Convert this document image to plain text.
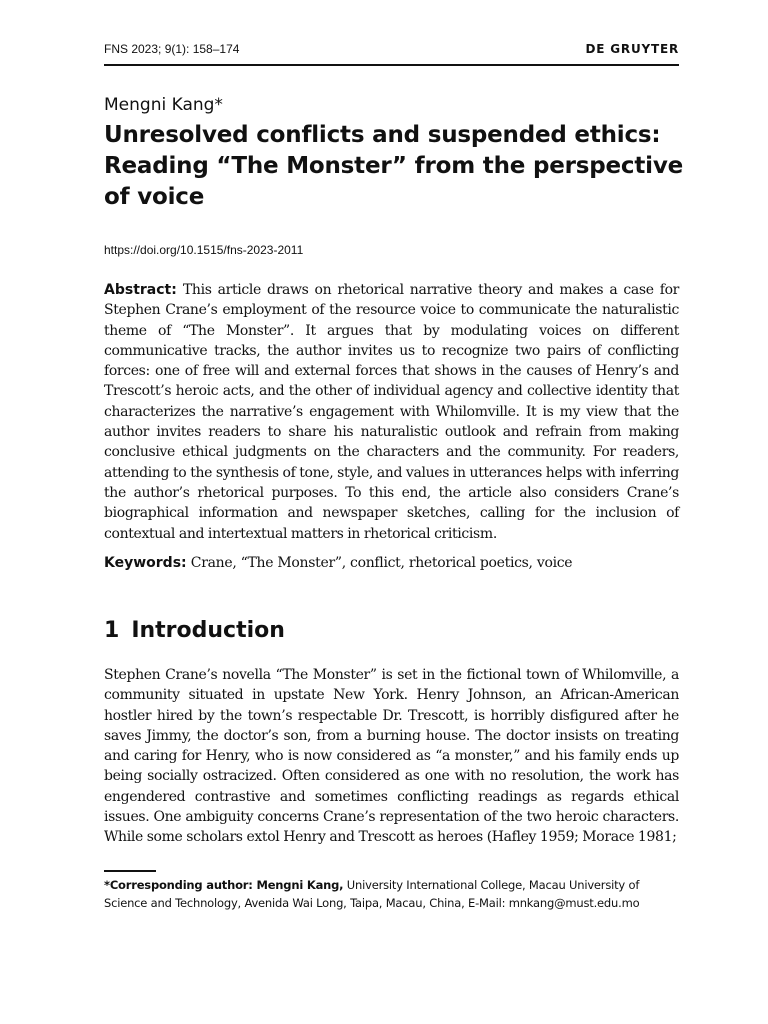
FNS 2023; 9(1): 158–174	DE GRUYTER
Mengni Kang*
Unresolved conflicts and suspended ethics: Reading “The Monster” from the perspective of voice
https://doi.org/10.1515/fns-2023-2011

Abstract: This article draws on rhetorical narrative theory and makes a case for Stephen Crane’s employment of the resource voice to communicate the naturalistic theme of “The Monster”. It argues that by modulating voices on different communicative tracks, the author invites us to recognize two pairs of conflicting forces: one of free will and external forces that shows in the causes of Henry’s and Trescott’s heroic acts, and the other of individual agency and collective identity that characterizes the narrative’s engagement with Whilomville. It is my view that the author invites readers to share his naturalistic outlook and refrain from making conclusive ethical judgments on the characters and the community. For readers, attending to the synthesis of tone, style, and values in utterances helps with inferring the author’s rhetorical purposes. To this end, the article also considers Crane’s biographical information and newspaper sketches, calling for the inclusion of contextual and intertextual matters in rhetorical criticism.

Keywords: Crane, “The Monster”, conflict, rhetorical poetics, voice

1 Introduction

Stephen Crane’s novella “The Monster” is set in the fictional town of Whilomville, a community situated in upstate New York. Henry Johnson, an African-American hostler hired by the town’s respectable Dr. Trescott, is horribly disfigured after he saves Jimmy, the doctor’s son, from a burning house. The doctor insists on treating and caring for Henry, who is now considered as “a monster,” and his family ends up being socially ostracized. Often considered as one with no resolution, the work has engendered contrastive and sometimes conflicting readings as regards ethical issues. One ambiguity concerns Crane’s representation of the two heroic characters. While some scholars extol Henry and Trescott as heroes (Hafley 1959; Morace 1981;

*Corresponding author: Mengni Kang, University International College, Macau University of Science and Technology, Avenida Wai Long, Taipa, Macau, China, E-Mail: mnkang@must.edu.mo
